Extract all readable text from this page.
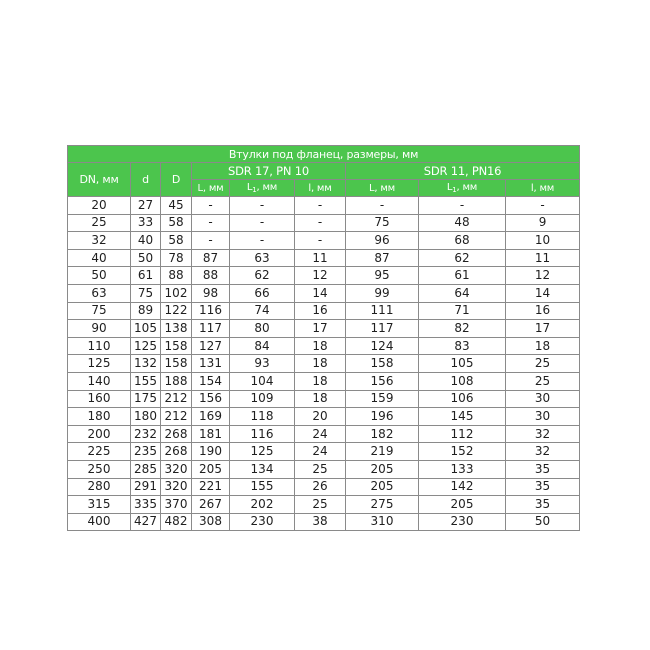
Втулки под фланец, размеры, мм								
DN, мм	d	D	SDR 17, PN 10			SDR 11, PN16		
			L, мм	$L_1$, мм	l, мм	L, мм	$L_1$, мм	l, мм
20	27	45	-	-	-	-	-	-
25	33	58	-	-	-	75	48	9
32	40	58	-	-	-	96	68	10
40	50	78	87	63	11	87	62	11
50	61	88	88	62	12	95	61	12
63	75	102	98	66	14	99	64	14
75	89	122	116	74	16	111	71	16
90	105	138	117	80	17	117	82	17
110	125	158	127	84	18	124	83	18
125	132	158	131	93	18	158	105	25
140	155	188	154	104	18	156	108	25
160	175	212	156	109	18	159	106	30
180	180	212	169	118	20	196	145	30
200	232	268	181	116	24	182	112	32
225	235	268	190	125	24	219	152	32
250	285	320	205	134	25	205	133	35
280	291	320	221	155	26	205	142	35
315	335	370	267	202	25	275	205	35
400	427	482	308	230	38	310	230	50
